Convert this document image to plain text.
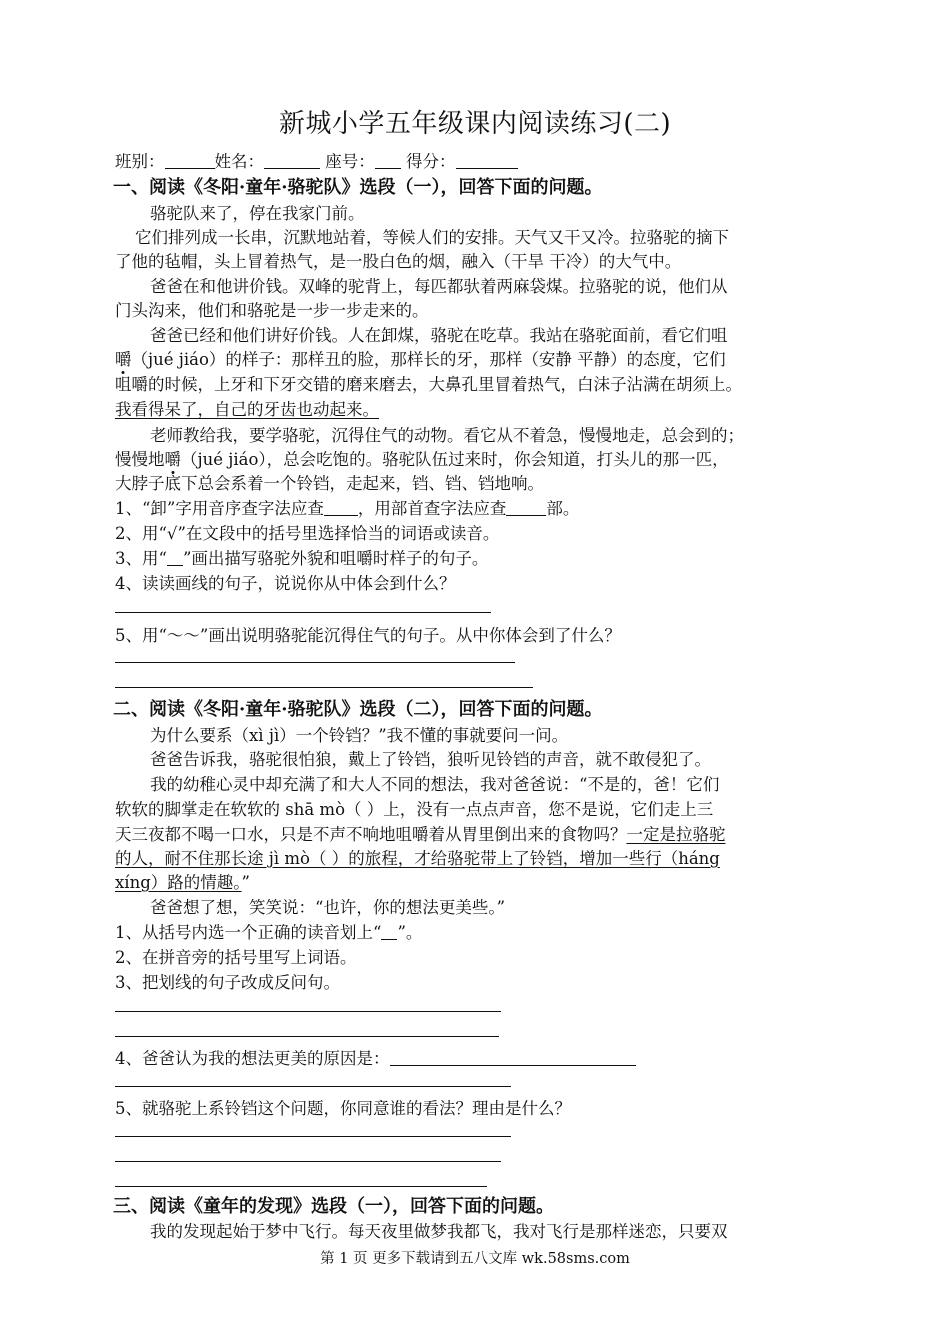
新城小学五年级课内阅读练习(二)
班别：	姓名：	座号： 得分：
一、阅读《冬阳·童年·骆驼队》选段（一），回答下面的问题。
骆驼队来了，停在我家门前。
它们排列成一长串，沉默地站着，等候人们的安排。天气又干又冷。拉骆驼的摘下
了他的毡帽，头上冒着热气，是一股白色的烟，融入（干旱 干冷）的大气中。
爸爸在和他讲价钱。双峰的驼背上，每匹都驮着两麻袋煤。拉骆驼的说，他们从
门头沟来，他们和骆驼是一步一步走来的。
爸爸已经和他们讲好价钱。人在卸煤，骆驼在吃草。我站在骆驼面前，看它们咀
嚼（jué jiáo）的样子：那样丑的脸，那样长的牙，那样（安静 平静）的态度，它们
咀嚼的时候，上牙和下牙交错的磨来磨去，大鼻孔里冒着热气，白沫子沾满在胡须上。
我看得呆了，自己的牙齿也动起来。
老师教给我，要学骆驼，沉得住气的动物。看它从不着急，慢慢地走，总会到的；
慢慢地嚼（jué jiáo），总会吃饱的。骆驼队伍过来时，你会知道，打头儿的那一匹，
大脖子底下总会系着一个铃铛，走起来，铛、铛、铛地响。
1、“卸”字用音序查字法应查 ，用部首查字法应查 部。
2、用“√”在文段中的括号里选择恰当的词语或读音。
3、用“ ”画出描写骆驼外貌和咀嚼时样子的句子。
4、读读画线的句子，说说你从中体会到什么？
5、用“～～”画出说明骆驼能沉得住气的句子。从中你体会到了什么？
二、阅读《冬阳·童年·骆驼队》选段（二），回答下面的问题。
为什么要系（xì jì）一个铃铛？”我不懂的事就要问一问。
爸爸告诉我，骆驼很怕狼，戴上了铃铛，狼听见铃铛的声音，就不敢侵犯了。
我的幼稚心灵中却充满了和大人不同的想法，我对爸爸说：“不是的，爸！它们
软软的脚掌走在软软的 shā mò（ ）上，没有一点点声音，您不是说，它们走上三
天三夜都不喝一口水，只是不声不响地咀嚼着从胃里倒出来的食物吗？一定是拉骆驼
的人，耐不住那长途 jì mò（ ）的旅程，才给骆驼带上了铃铛，增加一些行（háng
xíng）路的情趣。”
爸爸想了想，笑笑说：“也许，你的想法更美些。”
1、从括号内选一个正确的读音划上“ ”。
2、在拼音旁的括号里写上词语。
3、把划线的句子改成反问句。
4、爸爸认为我的想法更美的原因是：
5、就骆驼上系铃铛这个问题，你同意谁的看法？理由是什么？
三、阅读《童年的发现》选段（一），回答下面的问题。
我的发现起始于梦中飞行。每天夜里做梦我都飞，我对飞行是那样迷恋，只要双
第 1 页 更多下载请到五八文库 wk.58sms.com
